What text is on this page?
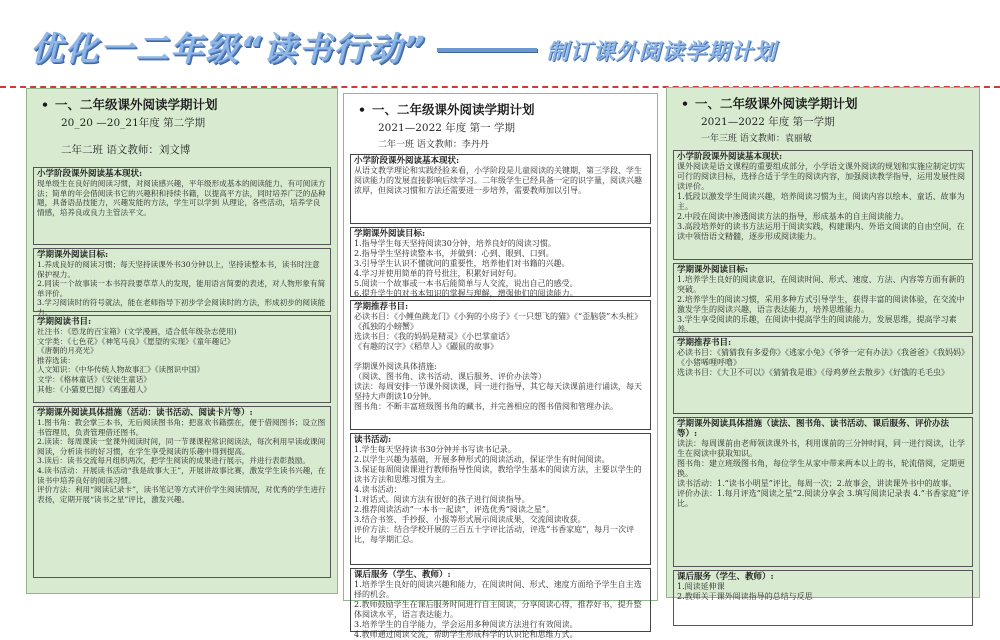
优化一二年级“读书行动”	制订课外阅读学期计划
• 一、二年级课外阅读学期计划
20_20 —20_21年度 第二学期
二年二班 语文教师：刘文博
小学阶段课外阅读基本现状:
现单级生在良好的阅读习惯，对阅读感兴趣，平年级形成基本的阅读能力，有可阅读方法；简单的年会借阅读书它的兴趣积和持续书籍，以提高平方法，同时培养广泛的品种题，具备语品技能力，兴趣发能的方法，学生可以学到 从理论，各些活动，培养学良情感，培养良或良力主管法平文。
学期课外阅读目标:
1.养成良好的阅读习惯；每天坚持读课外书30分钟以上，坚持读整本书，读书时注意保护视力。
2.同读一个故事读一本书符段要草草人的发现，能用语言简要的表述，对人物形象有简单评价。
3.学习阅读时的符号就法，能在老师指导下初步学会阅读时的方法，形成初步的阅读能力。
学期阅读书目:
社注书：《恐龙的百宝箱》(文学漫画，适合低年级杂志使用)
文学类：《七色花》《神笔马良》《愿望的实现》《童年趣记》
《唐朝的月亮光》
推荐选读：
人文知识：《中华传统人物故事汇》《读图识中国》
文学：《格林童话》《安徒生童话》
其他：《小猫夏巴提》《鸡蛋超人》
学期课外阅读具体措施（活动：读书活动、阅读卡片等）:
1.图书角：教会掌三本书，无后阅读图书角；把喜欢书籍摆在，便于借阅图书；设立图书管理员，负责管理借还图书。
2.读读：每周课读一堂课外阅读时间，同一节课课程常识阅读法，每次利用早读或课间阅读，分析读书的好习惯，在学生享受阅读的乐趣中得到提高。
3.读后：读书交流每月组织两次，把学生阅读的成果进行展示，并进行表彰鼓励。
4.读书活动：开展读书活动“我是故事大王”，开展讲故事比赛，激发学生读书兴趣，在读书中培养良好的阅读习惯。
评价方法：利用“阅读记录卡”，读书笔记等方式评价学生阅读情况，对优秀的学生进行表扬，定期开展“读书之星”评比，激发兴趣。
• 一、二年级课外阅读学期计划
2021—2022 年度 第一 学期
二年一班 语文教师：李丹丹
小学阶段课外阅读基本现状:
从语文教学理论和实践经验来看，小学阶段是儿童阅读的关键期，第三学段、学生阅读能力的发展直接影响后续学习。二年级学生已经具备一定的识字量，阅读兴趣浓厚，但阅读习惯和方法还需要进一步培养，需要教师加以引导。
学期课外阅读目标:
1.指导学生每天坚持阅读30分钟，培养良好的阅读习惯。
2.指导学生坚持读整本书，并做到：心到、眼到、口到。
3.引导学生认识不懂就问的重要性，培养他们对书籍的兴趣。
4.学习并使用简单的符号批注，积累好词好句。
5.阅读一个故事或一本书后能简单与人交流，说出自己的感受。
6.提升学生的对书本知识的掌握与理解，增强他们的阅读能力。
学期推荐书目:
必读书目：《小鲤鱼跳龙门》《小狗的小房子》《一只想飞的猫》《“歪脑袋”木头桩》《孤独的小螃蟹》
选读书目：《我的妈妈是精灵》《小巴掌童话》
《有趣的汉字》《稻草人》《鼹鼠的故事》

学期课外阅读具体措施:
（阅读、图书角、读书活动、课后服务、评价办法等）
读法：每周安排一节课外阅读课，同一进行指导，其它每天读课前进行诵读，每天坚持大声朗读10分钟。
图书角：不断丰富班级图书角的藏书，并完善相应的图书借阅和管理办法。
读书活动:
1.学生每天坚持读书30分钟并书写读书记录。
2.以学生兴趣为基础，开展多种形式的阅读活动，保证学生有时间阅读。
3.保证每周阅读课进行教师指导性阅读，教给学生基本的阅读方法，主要以学生的读书方法和思维习惯为主。
4.读书活动：
1.对话式。阅读方法有很好的孩子进行阅读指导。
2.推荐阅读活动“一本书一起读”，评选优秀“阅读之星”。
3.结合书签、手抄报、小报等形式展示阅读成果，交流阅读收获。
评价方法：结合学校开展的三百五十字评比活动，评选“书香家庭”，每月一次评比，每学期汇总。
课后服务（学生、教师）:
1.培养学生良好的阅读兴趣和能力，在阅读时间、形式、速度方面给予学生自主选择的机会。
2.教师鼓励学生在课后服务时间进行自主阅读，分享阅读心得，推荐好书，提升整体阅读水平，语言表达能力。
3.培养学生的自学能力，学会运用多种阅读方法进行有效阅读。
4.教师通过阅读交流，帮助学生形成科学的认识论和思维方式。
• 一、二年级课外阅读学期计划
2021—2022 年度 第一学期
一年三班 语文教师：袁丽敏
小学阶段课外阅读基本现状:
课外阅读是语文课程的重要组成部分，小学语文课外阅读的规划和实施应制定切实可行的阅读目标，选择合适于学生的阅读内容，加强阅读教学指导，运用发展性阅读评价。
1.低段以激发学生阅读兴趣，培养阅读习惯为主，阅读内容以绘本、童话、故事为主。
2.中段在阅读中渗透阅读方法的指导，形成基本的自主阅读能力。
3.高段培养好的读书方法运用于阅读实践，构建课内、外语文阅读的自由空间，在读中领悟语文精髓，逐步形成阅读能力。
学期课外阅读目标:
1.培养学生良好的阅读意识，在阅读时间、形式、速度、方法、内容等方面有新的突破。
2.培养学生的阅读习惯，采用多种方式引导学生，获得丰富的阅读体验，在交流中激发学生的阅读兴趣，语言表达能力，培养思维能力。
3.学生享受阅读的乐趣，在阅读中提高学生的阅读能力，发展思维，提高学习素养。
学期推荐书目:
必读书目：《猜猜我有多爱你》《逃家小兔》《爷爷一定有办法》《我爸爸》《我妈妈》《小猪唏哩呼噜》
选读书目：《大卫不可以》《猜猜我是谁》《母鸡萝丝去散步》《好饿的毛毛虫》
学期课外阅读具体措施（读法、图书角、读书活动、课后服务、评价办法等）:
读法：每周课前由老师领读课外书，利用课前的三分钟时间，同一进行阅读，让学生在阅读中获取知识。
图书角：建立班级图书角，每位学生从家中带来两本以上的书，轮流借阅，定期更换。
读书活动：1.“读书小明星”评比，每周一次；2.故事会，讲读课外书中的故事。
评价办法：1.每月评选“阅读之星”2.阅读分享会 3.填写阅读记录表 4.“书香家庭”评比。
课后服务（学生、教师）:
1.阅读延伸课
2.教师关于课外阅读指导的总结与反思
